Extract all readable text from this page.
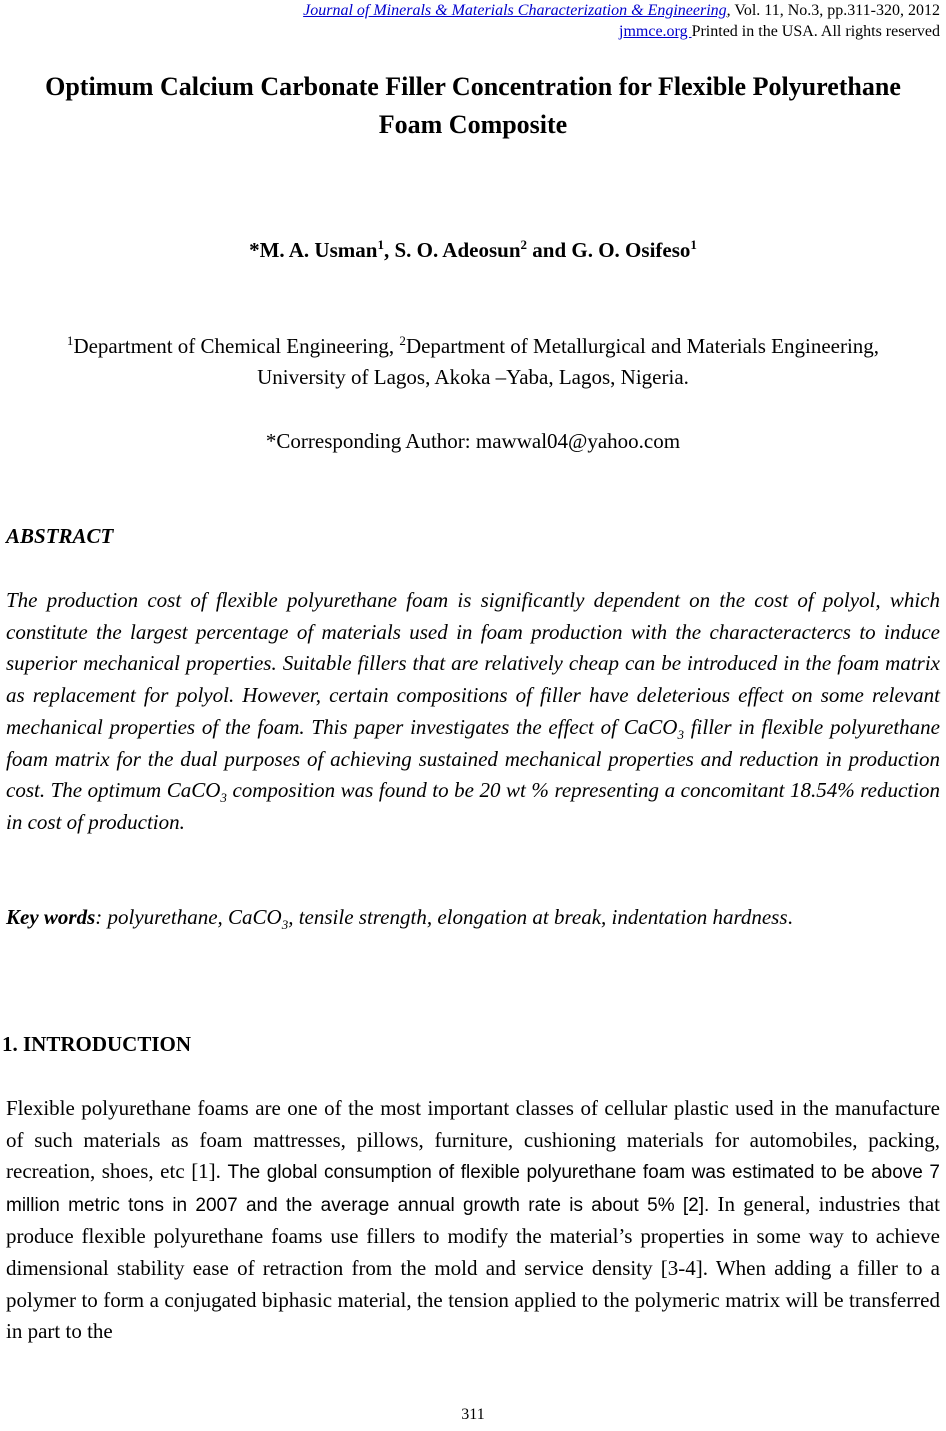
Journal of Minerals & Materials Characterization & Engineering, Vol. 11, No.3, pp.311-320, 2012
jmmce.org Printed in the USA. All rights reserved
Optimum Calcium Carbonate Filler Concentration for Flexible Polyurethane
Foam Composite
*M. A. Usman$^1$, S. O. Adeosun$^2$ and G. O. Osifeso$^1$
$^1$Department of Chemical Engineering, $^2$Department of Metallurgical and Materials Engineering,
University of Lagos, Akoka –Yaba, Lagos, Nigeria.
*Corresponding Author: mawwal04@yahoo.com
ABSTRACT
The production cost of flexible polyurethane foam is significantly dependent on the cost of polyol, which constitute the largest percentage of materials used in foam production with the characteractercs to induce superior mechanical properties. Suitable fillers that are relatively cheap can be introduced in the foam matrix as replacement for polyol. However, certain compositions of filler have deleterious effect on some relevant mechanical properties of the foam. This paper investigates the effect of CaCO$_3$ filler in flexible polyurethane foam matrix for the dual purposes of achieving sustained mechanical properties and reduction in production cost. The optimum CaCO$_3$ composition was found to be 20 wt % representing a concomitant 18.54% reduction in cost of production.
Key words: polyurethane, CaCO$_3$, tensile strength, elongation at break, indentation hardness.
1. INTRODUCTION
Flexible polyurethane foams are one of the most important classes of cellular plastic used in the manufacture of such materials as foam mattresses, pillows, furniture, cushioning materials for automobiles, packing, recreation, shoes, etc [1]. The global consumption of flexible polyurethane foam was estimated to be above 7 million metric tons in 2007 and the average annual growth rate is about 5% [2]. In general, industries that produce flexible polyurethane foams use fillers to modify the material’s properties in some way to achieve dimensional stability ease of retraction from the mold and service density [3-4]. When adding a filler to a polymer to form a conjugated biphasic material, the tension applied to the polymeric matrix will be transferred in part to the
311
